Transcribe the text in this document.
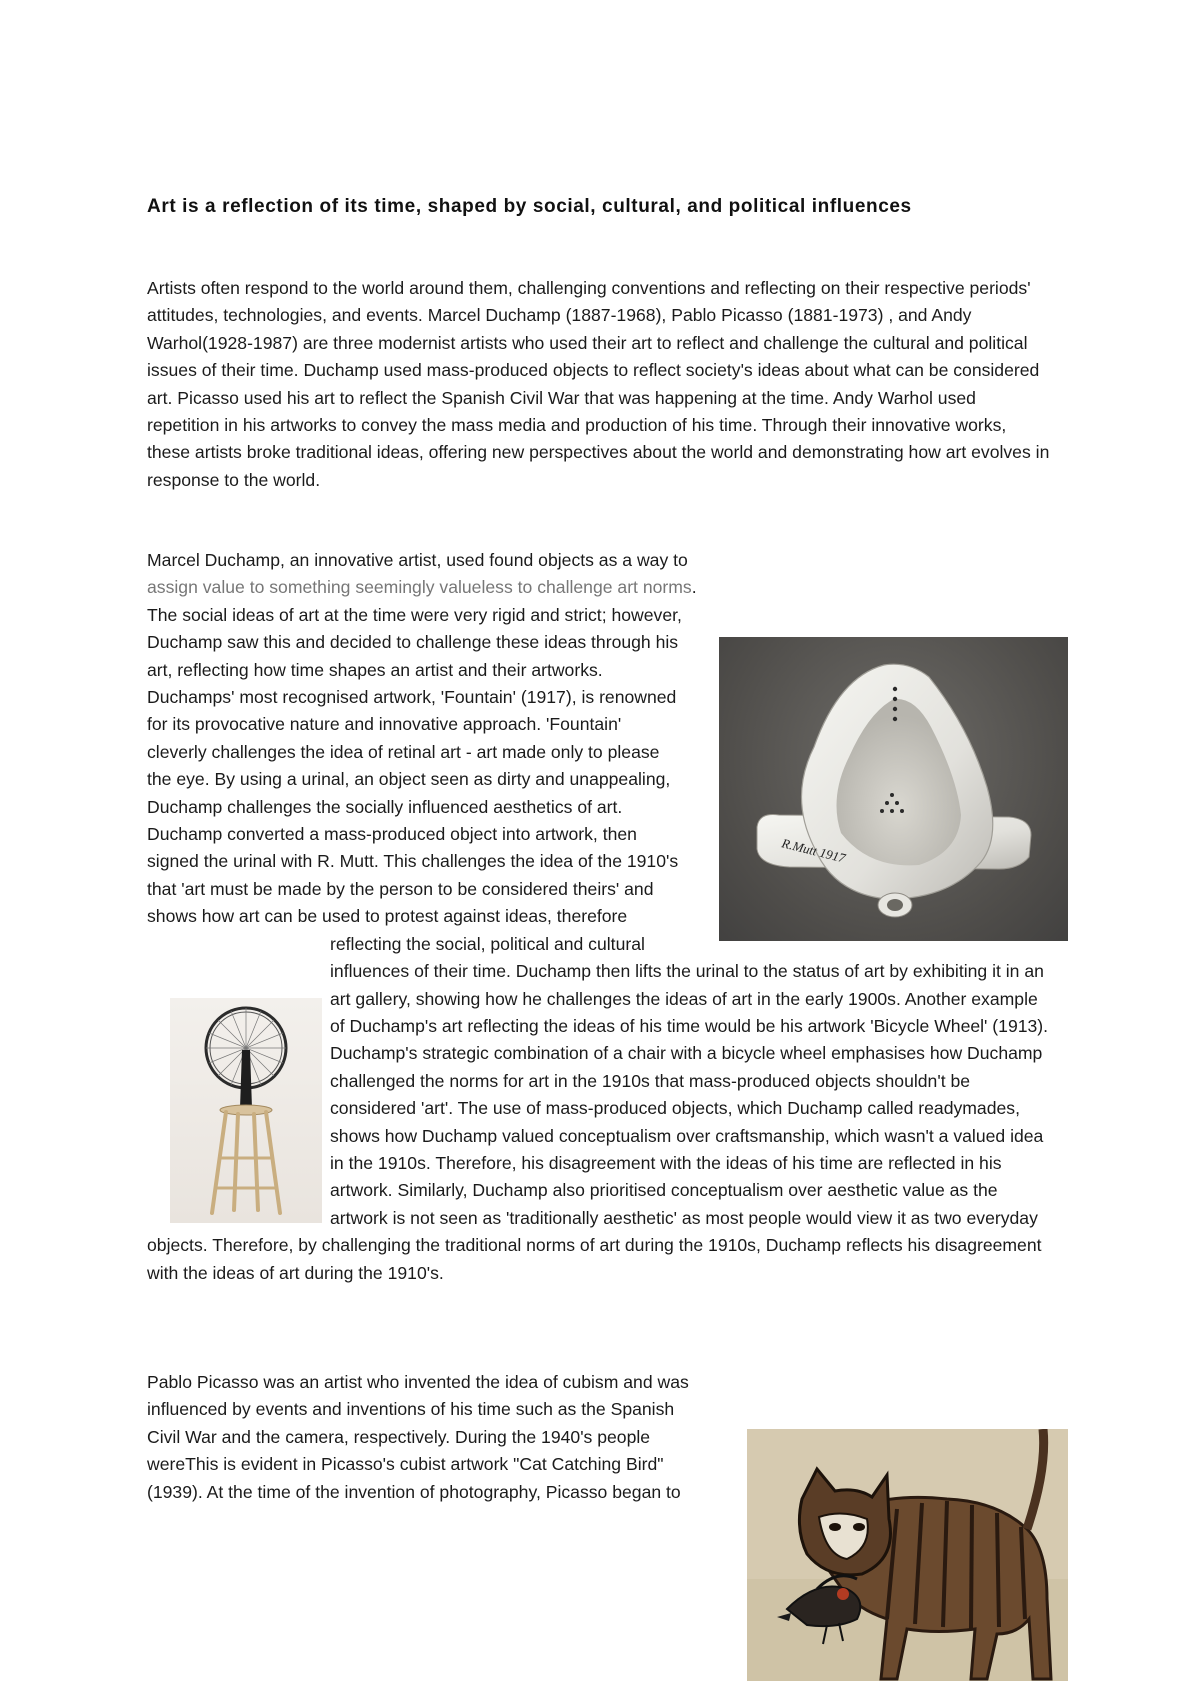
Art is a reflection of its time, shaped by social, cultural, and political influences

Artists often respond to the world around them, challenging conventions and reflecting on their respective periods' attitudes, technologies, and events. Marcel Duchamp (1887-1968), Pablo Picasso (1881-1973) , and Andy Warhol(1928-1987) are three modernist artists who used their art to reflect and challenge the cultural and political issues of their time. Duchamp used mass-produced objects to reflect society's ideas about what can be considered art. Picasso used his art to reflect the Spanish Civil War that was happening at the time. Andy Warhol used repetition in his artworks to convey the mass media and production of his time. Through their innovative works, these artists broke traditional ideas, offering new perspectives about the world and demonstrating how art evolves in response to the world.

Marcel Duchamp, an innovative artist, used found objects as a way to assign value to something seemingly valueless to challenge art norms. The social ideas of art at the time were very rigid and strict; however, Duchamp saw this and decided to challenge these ideas through his art, reflecting how time shapes an artist and their artworks. Duchamps' most recognised artwork, 'Fountain' (1917), is renowned for its provocative nature and innovative approach. 'Fountain' cleverly challenges the idea of retinal art - art made only to please the eye. By using a urinal, an object seen as dirty and unappealing, Duchamp challenges the socially influenced aesthetics of art. Duchamp converted a mass-produced object into artwork, then signed the urinal with R. Mutt. This challenges the idea of the 1910's that 'art must be made by the person to be considered theirs' and shows how art can be used to protest against ideas, therefore reflecting the social, political and cultural influences of their time. Duchamp then lifts the urinal to the status of art by exhibiting it in an art gallery, showing how he challenges the ideas of art in the early 1900s. Another example of Duchamp's art reflecting the ideas of his time would be his artwork 'Bicycle Wheel' (1913). Duchamp's strategic combination of a chair with a bicycle wheel emphasises how Duchamp challenged the norms for art in the 1910s that mass-produced objects shouldn't be considered 'art'. The use of mass-produced objects, which Duchamp called readymades, shows how Duchamp valued conceptualism over craftsmanship, which wasn't a valued idea in the 1910s. Therefore, his disagreement with the ideas of his time are reflected in his artwork. Similarly, Duchamp also prioritised conceptualism over aesthetic value as the artwork is not seen as 'traditionally aesthetic' as most people would view it as two everyday objects. Therefore, by challenging the traditional norms of art during the 1910s, Duchamp reflects his disagreement with the ideas of art during the 1910's.

Pablo Picasso was an artist who invented the idea of cubism and was influenced by events and inventions of his time such as the Spanish Civil War and the camera, respectively. During the 1940's people wereThis is evident in Picasso's cubist artwork "Cat Catching Bird" (1939). At the time of the invention of photography, Picasso began to

R.Mutt 1917
